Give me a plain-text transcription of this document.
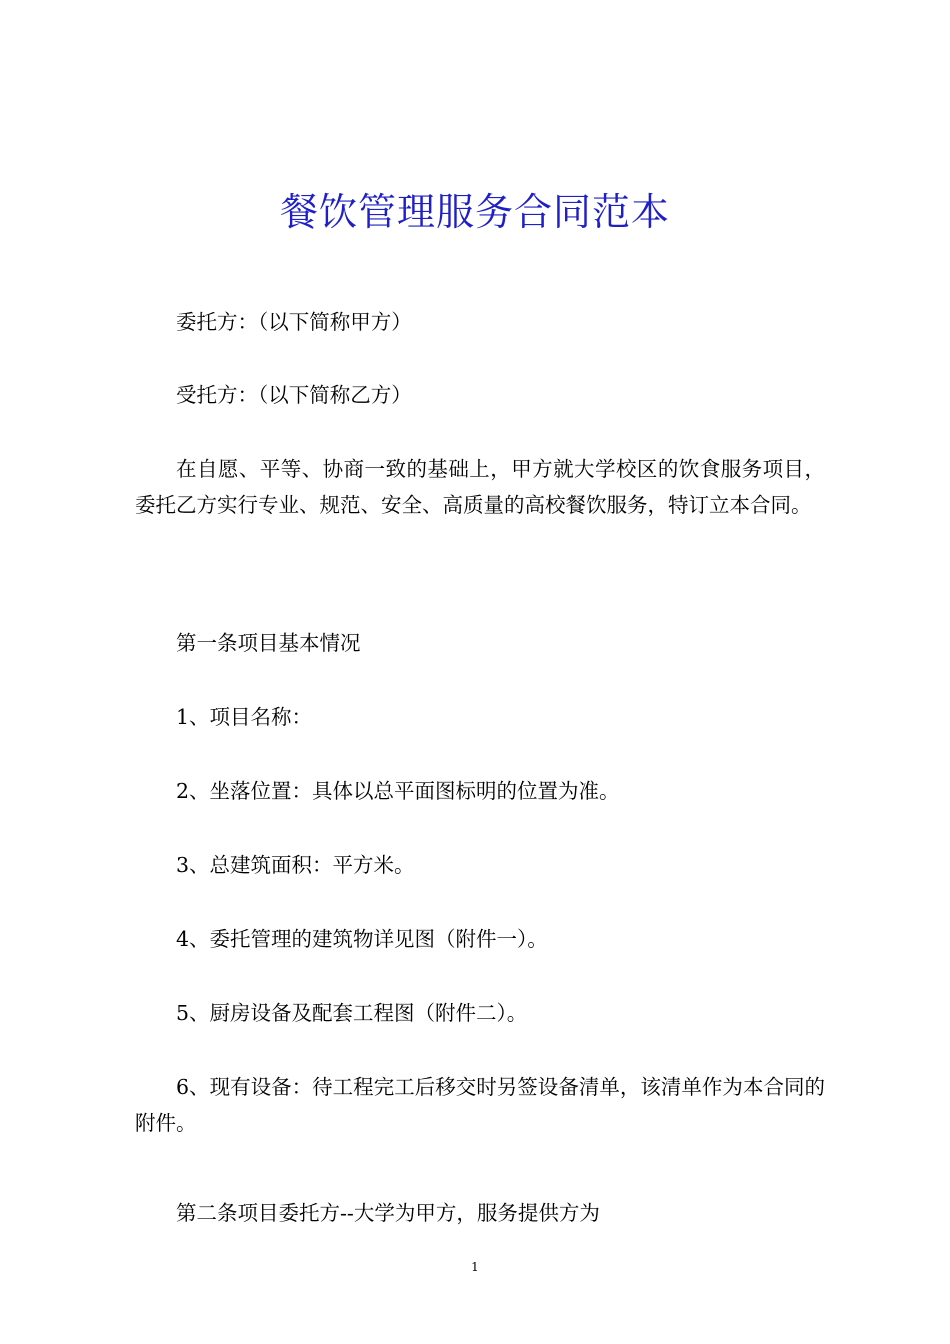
餐饮管理服务合同范本

委托方：（以下简称甲方）

受托方：（以下简称乙方）

在自愿、平等、协商一致的基础上，甲方就大学校区的饮食服务项目，委托乙方实行专业、规范、安全、高质量的高校餐饮服务，特订立本合同。

第一条项目基本情况

1、项目名称：

2、坐落位置：具体以总平面图标明的位置为准。

3、总建筑面积：平方米。

4、委托管理的建筑物详见图（附件一）。

5、厨房设备及配套工程图（附件二）。

6、现有设备：待工程完工后移交时另签设备清单，该清单作为本合同的附件。

第二条项目委托方--大学为甲方，服务提供方为

1
